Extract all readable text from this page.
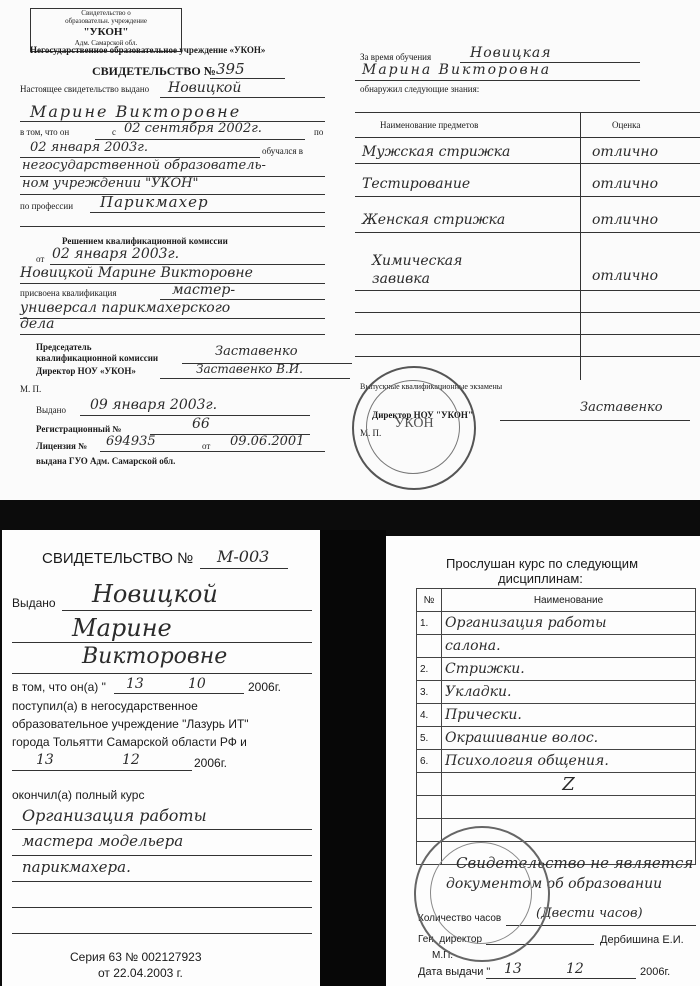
Свидетельство о
образовательн. учреждение
"УКОН"
Адм. Самарской обл.
Негосударственное образовательное учреждение «УКОН»
СВИДЕТЕЛЬСТВО № 395
Настоящее свидетельство выдано Новицкой
Марине Викторовне
в том, что он	с 02 сентября 2002г.	по
02 января 2003г.	обучался в
негосударственной образователь-
ном учреждении "УКОН"
по профессии Парикмахер
Решением квалификационной комиссии
от 02 января 2003г.
Новицкой Марине Викторовне
присвоена квалификация	мастер-
универсал парикмахерского
дела
Председатель
квалификационной комиссии	Заставенко
Директор НОУ «УКОН»	Заставенко В.И.
М. П.
Выдано 09 января 2003г.
Регистрационный №	66
Лицензия № 694935	от 09.06.2001
выдана ГУО Адм. Самарской обл.
За время обучения	Новицкая
Марина Викторовна
обнаружил следующие знания:
Наименование предметов	Оценка
Мужская стрижка	отлично
Тестирование	отлично
Женская стрижка	отлично
Химическая завивка	отлично
Выпускные квалификационные экзамены
Директор НОУ "УКОН"	Заставенко
М. П.
УКОН
СВИДЕТЕЛЬСТВО № М-003
Выдано Новицкой
Марине
Викторовне
в том, что он(а) " 13	10	2006г.
поступил(а) в негосударственное
образовательное учреждение "Лазурь ИТ"
города Тольятти Самарской области РФ и
13	12	2006г.
окончил(а) полный курс
Организация работы
мастера модельера
парикмахера.
Серия 63 № 002127923
от 22.04.2003 г.
Прослушан курс по следующим
дисциплинам:
№	Наименование
1.	Организация работы
	салона.
2.	Стрижки.
3.	Укладки.
4.	Прически.
5.	Окрашивание волос.
6.	Психология общения.
	Z

Свидетельство не является
документом об образовании
Количество часов	(Двести часов)
Ген. директор	Дербишина Е.И.
М.П.
Дата выдачи " 13	12	2006г.
